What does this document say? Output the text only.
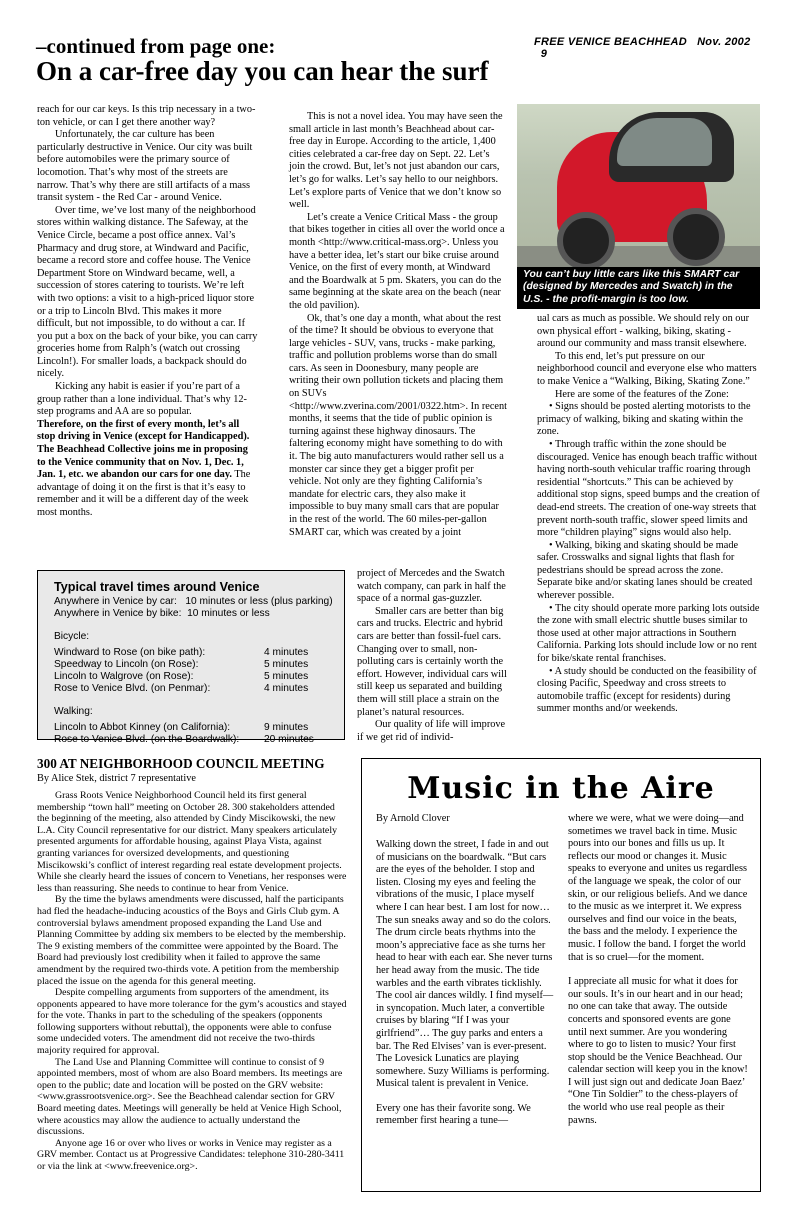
FREE VENICE BEACHHEAD Nov. 2002   9
–continued from page one:
On a car-free day you can hear the surf

reach for our car keys. Is this trip necessary in a two-ton vehicle, or can I get there another way?

Unfortunately, the car culture has been particularly destructive in Venice. Our city was built before automobiles were the primary source of locomotion. That’s why most of the streets are narrow. That’s why there are still artifacts of a mass transit system - the Red Car - around Venice.

Over time, we’ve lost many of the neighborhood stores within walking distance. The Safeway, at the Venice Circle, became a post office annex. Val’s Pharmacy and drug store, at Windward and Pacific, became a record store and coffee house. The Venice Department Store on Windward became, well, a succession of stores catering to tourists. We’re left with two options: a visit to a high-priced liquor store or a trip to Lincoln Blvd. This makes it more difficult, but not impossible, to do without a car. If you put a box on the back of your bike, you can carry groceries home from Ralph’s (watch out crossing Lincoln!). For smaller loads, a backpack should do nicely.

Kicking any habit is easier if you’re part of a group rather than a lone individual. That’s why 12-step programs and AA are so popular.

Therefore, on the first of every month, let’s all stop driving in Venice (except for Handicapped). The Beachhead Collective joins me in proposing to the Venice community that on Nov. 1, Dec. 1, Jan. 1, etc. we abandon our cars for one day. The advantage of doing it on the first is that it’s easy to remember and it will be a different day of the week most months.

This is not a novel idea. You may have seen the small article in last month’s Beachhead about car-free day in Europe. According to the article, 1,400 cities celebrated a car-free day on Sept. 22. Let’s join the crowd. But, let’s not just abandon our cars, let’s go for walks. Let’s say hello to our neighbors. Let’s explore parts of Venice that we don’t know so well.

Let’s create a Venice Critical Mass - the group that bikes together in cities all over the world once a month <http://www.critical-mass.org>. Unless you have a better idea, let’s start our bike cruise around Venice, on the first of every month, at Windward and the Boardwalk at 5 pm. Skaters, you can do the same beginning at the skate area on the beach (near the old pavilion).

Ok, that’s one day a month, what about the rest of the time? It should be obvious to everyone that large vehicles - SUV, vans, trucks - make parking, traffic and pollution problems worse than do small cars. As seen in Doonesbury, many people are writing their own pollution tickets and placing them on SUVs <http://www.zverina.com/2001/0322.htm>. In recent months, it seems that the tide of public opinion is turning against these highway dinosaurs. The faltering economy might have something to do with it. The big auto manufacturers would rather sell us a monster car since they get a bigger profit per vehicle. Not only are they fighting California’s mandate for electric cars, they also make it impossible to buy many small cars that are popular in the rest of the world. The 60 miles-per-gallon SMART car, which was created by a joint

project of Mercedes and the Swatch watch company, can park in half the space of a normal gas-guzzler.

Smaller cars are better than big cars and trucks. Electric and hybrid cars are better than fossil-fuel cars. Changing over to small, non-polluting cars is certainly worth the effort. However, individual cars will still keep us separated and building them will still place a strain on the planet’s natural resources.

Our quality of life will improve if we get rid of individ-

You can’t buy little cars like this SMART car (designed by Mercedes and Swatch) in the U.S. - the profit-margin is too low.

ual cars as much as possible. We should rely on our own physical effort - walking, biking, skating - around our community and mass transit elsewhere.

To this end, let’s put pressure on our neighborhood council and everyone else who matters to make Venice a “Walking, Biking, Skating Zone.”

Here are some of the features of the Zone:

• Signs should be posted alerting motorists to the primacy of walking, biking and skating within the zone.

• Through traffic within the zone should be discouraged. Venice has enough beach traffic without having north-south vehicular traffic roaring through residential “shortcuts.” This can be achieved by additional stop signs, speed bumps and the creation of dead-end streets. The creation of one-way streets that prevent north-south traffic, slower speed limits and more “children playing” signs would also help.

• Walking, biking and skating should be made safer. Crosswalks and signal lights that flash for pedestrians should be spread across the zone. Separate bike and/or skating lanes should be created wherever possible.

• The city should operate more parking lots outside the zone with small electric shuttle buses similar to those used at other major attractions in Southern California. Parking lots should include low or no rent for bike/skate rental franchises.

• A study should be conducted on the feasibility of closing Pacific, Speedway and cross streets to automobile traffic (except for residents) during summer months and/or weekends.

Typical travel times around Venice
Anywhere in Venice by car:   10 minutes or less (plus parking)
Anywhere in Venice by bike:  10 minutes or less
Bicycle:
Windward to Rose (on bike path):	4 minutes
Speedway to Lincoln (on Rose):	5 minutes
Lincoln to Walgrove (on Rose):	5 minutes
Rose to Venice Blvd. (on Penmar):	4 minutes
Walking:
Lincoln to Abbot Kinney (on California):	9 minutes
Rose to Venice Blvd. (on the Boardwalk):	20 minutes
300 AT NEIGHBORHOOD COUNCIL MEETING
By Alice Stek, district 7 representative

Grass Roots Venice Neighborhood Council held its first general membership “town hall” meeting on October 28. 300 stakeholders attended the beginning of the meeting, also attended by Cindy Miscikowski, the new L.A. City Council representative for our district. Many speakers articulately presented arguments for affordable housing, against Playa Vista, against granting variances for oversized developments, and questioning Miscikowski’s conflict of interest regarding real estate development projects. While she clearly heard the issues of concern to Venetians, her responses were less than reassuring. She needs to continue to hear from Venice.

By the time the bylaws amendments were discussed, half the participants had fled the headache-inducing acoustics of the Boys and Girls Club gym. A controversial bylaws amendment proposed expanding the Land Use and Planning Committee by adding six members to be elected by the membership. The 9 existing members of the committee were appointed by the Board. The Board had previously lost credibility when it failed to approve the same amendment by the required two-thirds vote. A petition from the membership placed the issue on the agenda for this general meeting.

Despite compelling arguments from supporters of the amendment, its opponents appeared to have more tolerance for the gym’s acoustics and stayed for the vote. Thanks in part to the scheduling of the speakers (opponents following supporters without rebuttal), the opponents were able to confuse some undecided voters. The amendment did not receive the two-thirds majority required for approval.

The Land Use and Planning Committee will continue to consist of 9 appointed members, most of whom are also Board members. Its meetings are open to the public; date and location will be posted on the GRV website: <www.grassrootsvenice.org>. See the Beachhead calendar section for GRV Board meeting dates. Meetings will generally be held at Venice High School, where acoustics may allow the audience to actually understand the discussions.

Anyone age 16 or over who lives or works in Venice may register as a GRV member. Contact us at Progressive Candidates: telephone 310-280-3411 or via the link at <www.freevenice.org>.

Music in the Aire
By Arnold Clover

Walking down the street, I fade in and out of musicians on the boardwalk. “But cars are the eyes of the beholder. I stop and listen. Closing my eyes and feeling the vibrations of the music, I place myself where I can hear best. I am lost for now… The sun sneaks away and so do the colors. The drum circle beats rhythms into the moon’s appreciative face as she turns her head to hear with each ear. She never turns her head away from the music. The tide warbles and the earth vibrates ticklishly. The cool air dances wildly. I find myself—in syncopation. Much later, a convertible cruises by blaring “If I was your girlfriend”… The guy parks and enters a bar. The Red Elvises’ van is ever-present. The Lovesick Lunatics are playing somewhere. Suzy Williams is performing. Musical talent is prevalent in Venice.

Every one has their favorite song. We remember first hearing a tune—

where we were, what we were doing—and sometimes we travel back in time. Music pours into our bones and fills us up. It reflects our mood or changes it. Music speaks to everyone and unites us regardless of the language we speak, the color of our skin, or our religious beliefs. And we dance to the music as we interpret it. We express ourselves and find our voice in the beats, the bass and the melody. I experience the music. I follow the band. I forget the world that is so cruel—for the moment.

I appreciate all music for what it does for our souls. It’s in our heart and in our head; no one can take that away. The outside concerts and sponsored events are gone until next summer. Are you wondering where to go to listen to music? Your first stop should be the Venice Beachhead. Our calendar section will keep you in the know! I will just sign out and dedicate Joan Baez’ “One Tin Soldier” to the chess-players of the world who use real people as their pawns.
